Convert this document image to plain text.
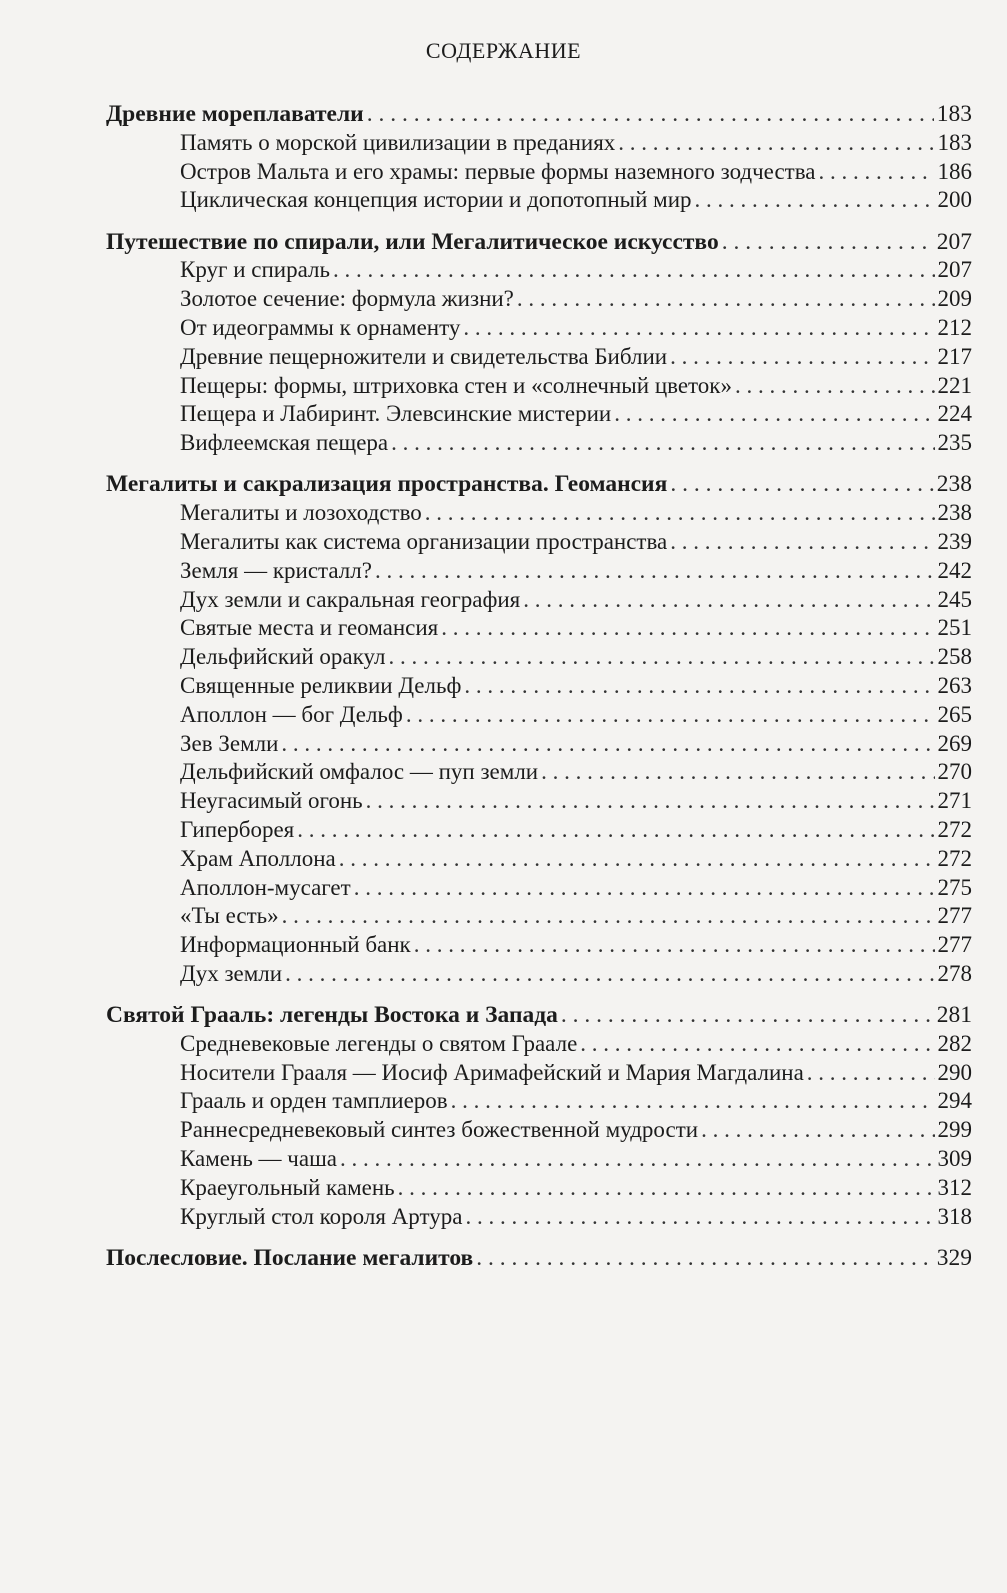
СОДЕРЖАНИЕ
Древние мореплаватели . . .	183
Память о морской цивилизации в преданиях . . .	183
Остров Мальта и его храмы: первые формы наземного зодчества . . .	186
Циклическая концепция истории и допотопный мир . . .	200
Путешествие по спирали, или Мегалитическое искусство . . .	207
Круг и спираль . . .	207
Золотое сечение: формула жизни? . . .	209
От идеограммы к орнаменту . . .	212
Древние пещерножители и свидетельства Библии . . .	217
Пещеры: формы, штриховка стен и «солнечный цветок» . . .	221
Пещера и Лабиринт. Элевсинские мистерии . . .	224
Вифлеемская пещера . . .	235
Мегалиты и сакрализация пространства. Геомансия . . .	238
Мегалиты и лозоходство . . .	238
Мегалиты как система организации пространства . . .	239
Земля — кристалл? . . .	242
Дух земли и сакральная география . . .	245
Святые места и геомансия . . .	251
Дельфийский оракул . . .	258
Священные реликвии Дельф . . .	263
Аполлон — бог Дельф . . .	265
Зев Земли . . .	269
Дельфийский омфалос — пуп земли . . .	270
Неугасимый огонь . . .	271
Гиперборея . . .	272
Храм Аполлона . . .	272
Аполлон-мусагет . . .	275
«Ты есть» . . .	277
Информационный банк . . .	277
Дух земли . . .	278
Святой Грааль: легенды Востока и Запада . . .	281
Средневековые легенды о святом Граале . . .	282
Носители Грааля — Иосиф Аримафейский и Мария Магдалина . . .	290
Грааль и орден тамплиеров . . .	294
Раннесредневековый синтез божественной мудрости . . .	299
Камень — чаша . . .	309
Краеугольный камень . . .	312
Круглый стол короля Артура . . .	318
Послесловие. Послание мегалитов . . .	329
